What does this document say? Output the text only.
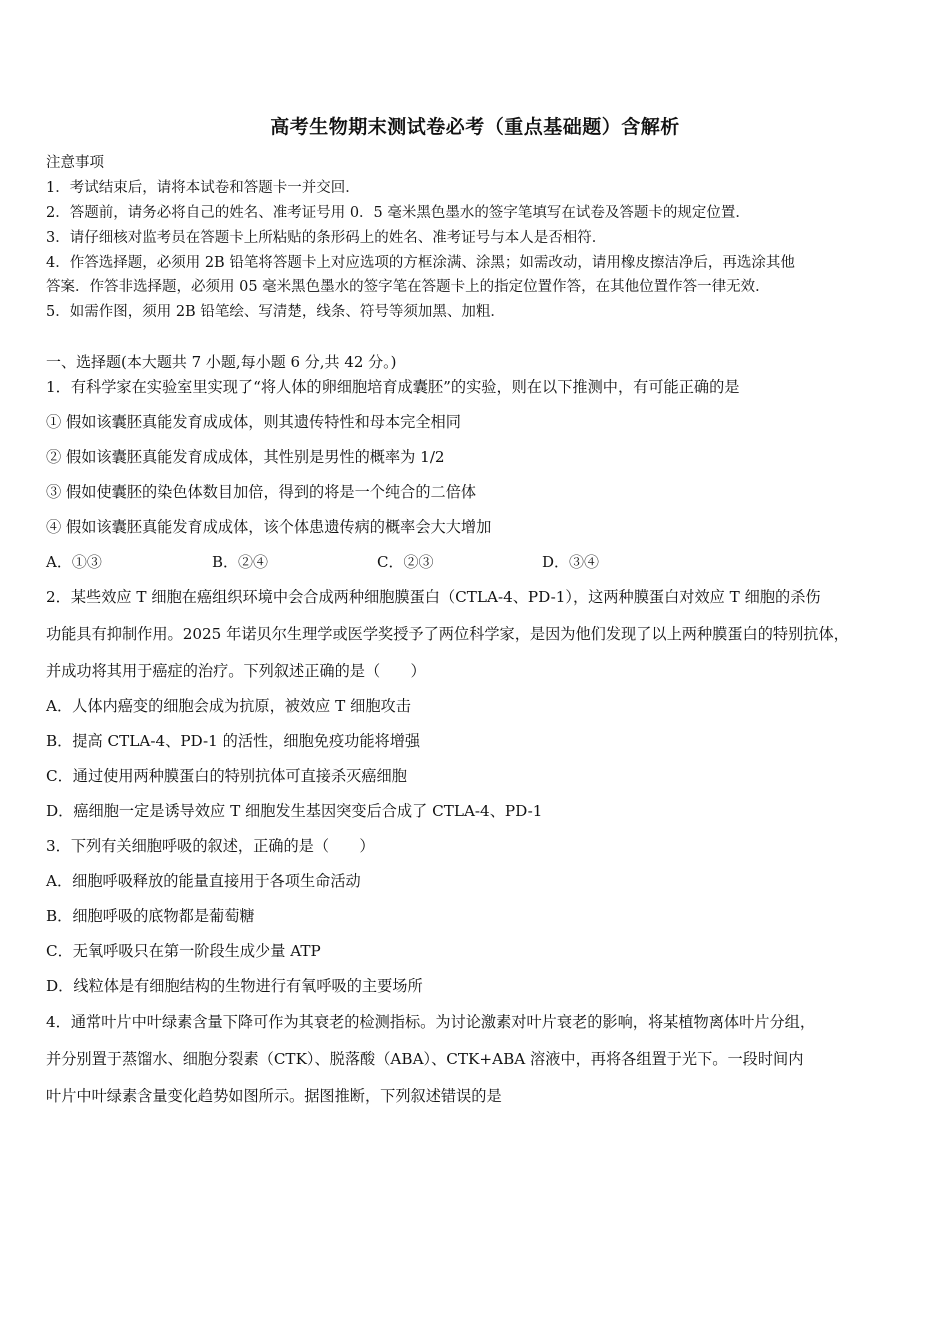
高考生物期末测试卷必考（重点基础题）含解析
注意事项
1．考试结束后，请将本试卷和答题卡一并交回．
2．答题前，请务必将自己的姓名、准考证号用 0．5 毫米黑色墨水的签字笔填写在试卷及答题卡的规定位置．
3．请仔细核对监考员在答题卡上所粘贴的条形码上的姓名、准考证号与本人是否相符．
4．作答选择题，必须用 2B 铅笔将答题卡上对应选项的方框涂满、涂黑；如需改动，请用橡皮擦洁净后，再选涂其他
答案．作答非选择题，必须用 05 毫米黑色墨水的签字笔在答题卡上的指定位置作答，在其他位置作答一律无效．
5．如需作图，须用 2B 铅笔绘、写清楚，线条、符号等须加黑、加粗．
一、选择题(本大题共 7 小题,每小题 6 分,共 42 分。)
1．有科学家在实验室里实现了“将人体的卵细胞培育成囊胚”的实验，则在以下推测中，有可能正确的是
① 假如该囊胚真能发育成成体，则其遗传特性和母本完全相同
② 假如该囊胚真能发育成成体，其性别是男性的概率为 1/2
③ 假如使囊胚的染色体数目加倍，得到的将是一个纯合的二倍体
④ 假如该囊胚真能发育成成体，该个体患遗传病的概率会大大增加
A．①③	B．②④	C．②③	D．③④
2．某些效应 T 细胞在癌组织环境中会合成两种细胞膜蛋白（CTLA-4、PD-1），这两种膜蛋白对效应 T 细胞的杀伤
功能具有抑制作用。2025 年诺贝尔生理学或医学奖授予了两位科学家，是因为他们发现了以上两种膜蛋白的特别抗体，
并成功将其用于癌症的治疗。下列叙述正确的是（　　）
A．人体内癌变的细胞会成为抗原，被效应 T 细胞攻击
B．提高 CTLA-4、PD-1 的活性，细胞免疫功能将增强
C．通过使用两种膜蛋白的特别抗体可直接杀灭癌细胞
D．癌细胞一定是诱导效应 T 细胞发生基因突变后合成了 CTLA-4、PD-1
3．下列有关细胞呼吸的叙述，正确的是（　　）
A．细胞呼吸释放的能量直接用于各项生命活动
B．细胞呼吸的底物都是葡萄糖
C．无氧呼吸只在第一阶段生成少量 ATP
D．线粒体是有细胞结构的生物进行有氧呼吸的主要场所
4．通常叶片中叶绿素含量下降可作为其衰老的检测指标。为讨论激素对叶片衰老的影响，将某植物离体叶片分组，
并分别置于蒸馏水、细胞分裂素（CTK）、脱落酸（ABA）、CTK+ABA 溶液中，再将各组置于光下。一段时间内
叶片中叶绿素含量变化趋势如图所示。据图推断，下列叙述错误的是
